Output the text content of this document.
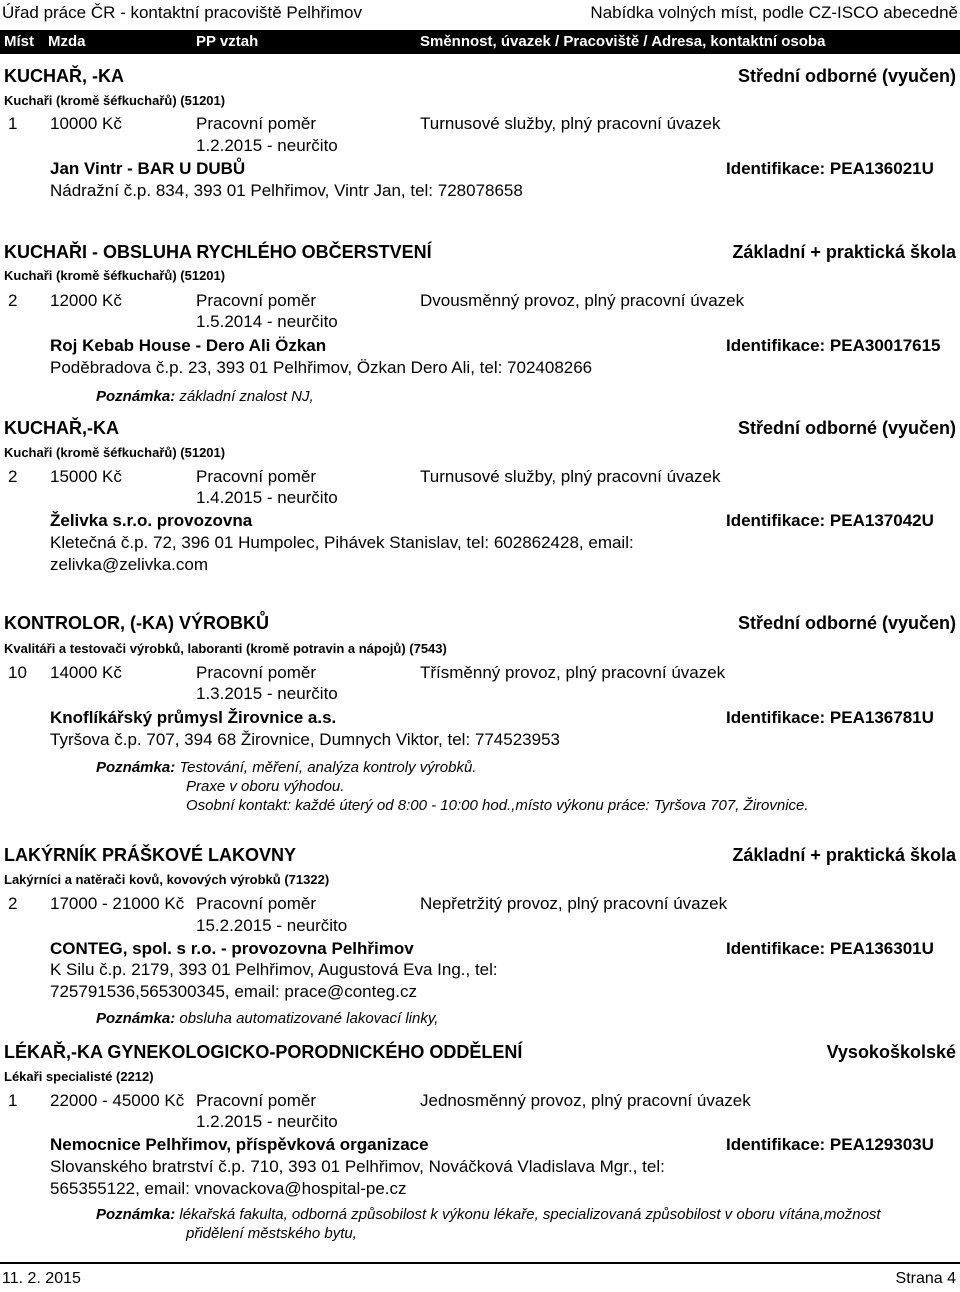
Úřad práce ČR - kontaktní pracoviště Pelhřimov	Nabídka volných míst, podle CZ-ISCO abecedně
Míst Mzda	PP vztah	Směnnost, úvazek / Pracoviště / Adresa, kontaktní osoba
KUCHAŘ, -KA	Střední odborné (vyučen)
Kuchaři (kromě šéfkuchařů) (51201)
1 10000 Kč	Pracovní poměr	Turnusové služby, plný pracovní úvazek
1.2.2015 - neurčito
Jan Vintr - BAR U DUBŮ	Identifikace: PEA136021U
Nádražní č.p. 834, 393 01 Pelhřimov, Vintr Jan, tel: 728078658
KUCHAŘI - OBSLUHA RYCHLÉHO OBČERSTVENÍ	Základní + praktická škola
Kuchaři (kromě šéfkuchařů) (51201)
2 12000 Kč	Pracovní poměr	Dvousměnný provoz, plný pracovní úvazek
1.5.2014 - neurčito
Roj Kebab House - Dero Ali Özkan	Identifikace: PEA30017615
Poděbradova č.p. 23, 393 01 Pelhřimov, Özkan Dero Ali, tel: 702408266
Poznámka: základní znalost NJ,
KUCHAŘ,-KA	Střední odborné (vyučen)
Kuchaři (kromě šéfkuchařů) (51201)
2 15000 Kč	Pracovní poměr	Turnusové služby, plný pracovní úvazek
1.4.2015 - neurčito
Želivka s.r.o. provozovna	Identifikace: PEA137042U
Kletečná č.p. 72, 396 01 Humpolec, Pihávek Stanislav, tel: 602862428, email:
zelivka@zelivka.com
KONTROLOR, (-KA) VÝROBKŮ	Střední odborné (vyučen)
Kvalitáři a testovači výrobků, laboranti (kromě potravin a nápojů) (7543)
10 14000 Kč	Pracovní poměr	Třísměnný provoz, plný pracovní úvazek
1.3.2015 - neurčito
Knoflíkářský průmysl Žirovnice a.s.	Identifikace: PEA136781U
Tyršova č.p. 707, 394 68 Žirovnice, Dumnych Viktor, tel: 774523953
Poznámka: Testování, měření, analýza kontroly výrobků.
Praxe v oboru výhodou.
Osobní kontakt: každé úterý od 8:00 - 10:00 hod.,místo výkonu práce: Tyršova 707, Žirovnice.
LAKÝRNÍK PRÁŠKOVÉ LAKOVNY	Základní + praktická škola
Lakýrníci a natěrači kovů, kovových výrobků (71322)
2 17000 - 21000 Kč Pracovní poměr	Nepřetržitý provoz, plný pracovní úvazek
15.2.2015 - neurčito
CONTEG, spol. s r.o. - provozovna Pelhřimov	Identifikace: PEA136301U
K Silu č.p. 2179, 393 01 Pelhřimov, Augustová Eva Ing., tel:
725791536,565300345, email: prace@conteg.cz
Poznámka: obsluha automatizované lakovací linky,
LÉKAŘ,-KA GYNEKOLOGICKO-PORODNICKÉHO ODDĚLENÍ	Vysokoškolské
Lékaři specialisté (2212)
1 22000 - 45000 Kč Pracovní poměr	Jednosměnný provoz, plný pracovní úvazek
1.2.2015 - neurčito
Nemocnice Pelhřimov, příspěvková organizace	Identifikace: PEA129303U
Slovanského bratrství č.p. 710, 393 01 Pelhřimov, Nováčková Vladislava Mgr., tel:
565355122, email: vnovackova@hospital-pe.cz
Poznámka: lékařská fakulta, odborná způsobilost k výkonu lékaře, specializovaná způsobilost v oboru vítána,možnost
přidělení městského bytu,
11. 2. 2015	Strana 4
